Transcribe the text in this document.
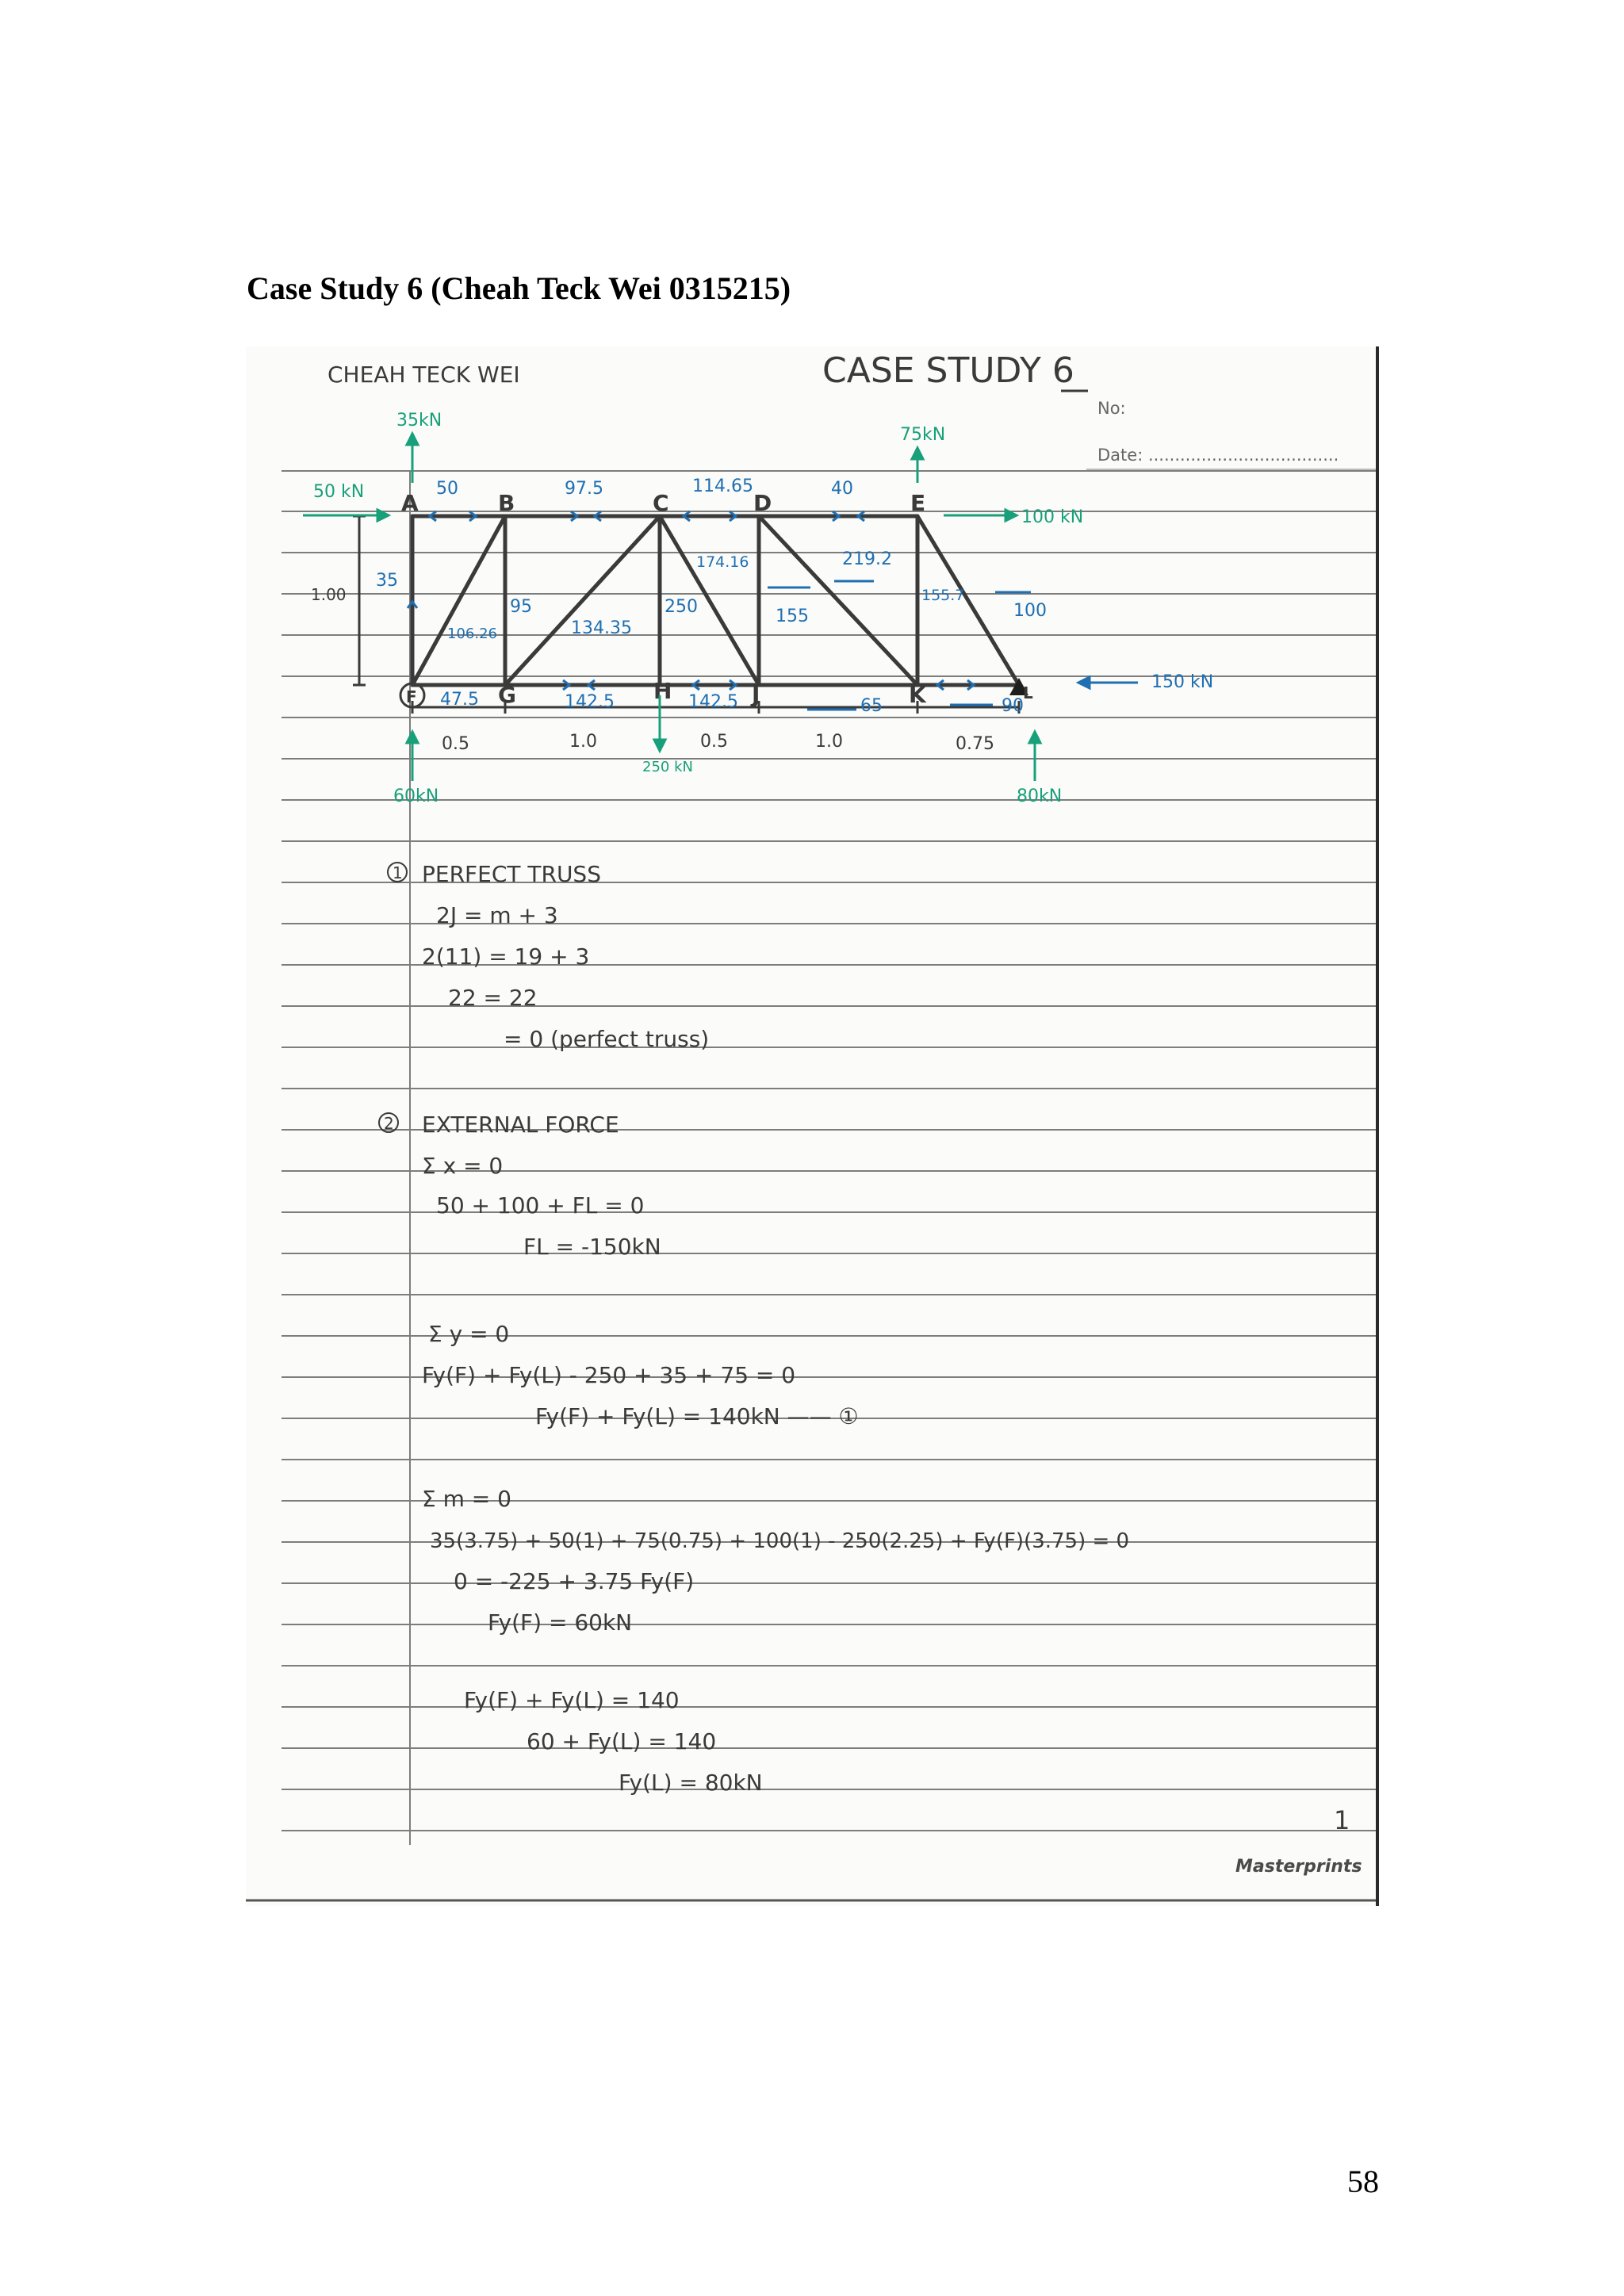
Case Study 6 (Cheah Teck Wei 0315215)
CHEAH TECK WEI	CASE STUDY 6
No:
Date: ....................................
A	B	C	D	E
F	G	H	J	K	L
50	97.5	114.65	40
35
106.26
95
134.35
250
174.16
155
219.2
155.7
100
47.5	142.5	142.5	65	90
35kN
50 kN
75kN
100 kN
250 kN
60kN	80kN
150 kN
1.00
0.5	1.0	0.5	1.0	0.75
1 PERFECT TRUSS
2J = m + 3
2(11) = 19 + 3
22 = 22
= 0 (perfect truss)
2 EXTERNAL FORCE
Σ x = 0
50 + 100 + FL = 0
FL = -150kN
Σ y = 0
Fy(F) + Fy(L) - 250 + 35 + 75 = 0
Fy(F) + Fy(L) = 140kN —— ①
Σ m = 0
35(3.75) + 50(1) + 75(0.75) + 100(1) - 250(2.25) + Fy(F)(3.75) = 0
0 = -225 + 3.75 Fy(F)
Fy(F) = 60kN
Fy(F) + Fy(L) = 140
60 + Fy(L) = 140
Fy(L) = 80kN
1
Masterprints
58
